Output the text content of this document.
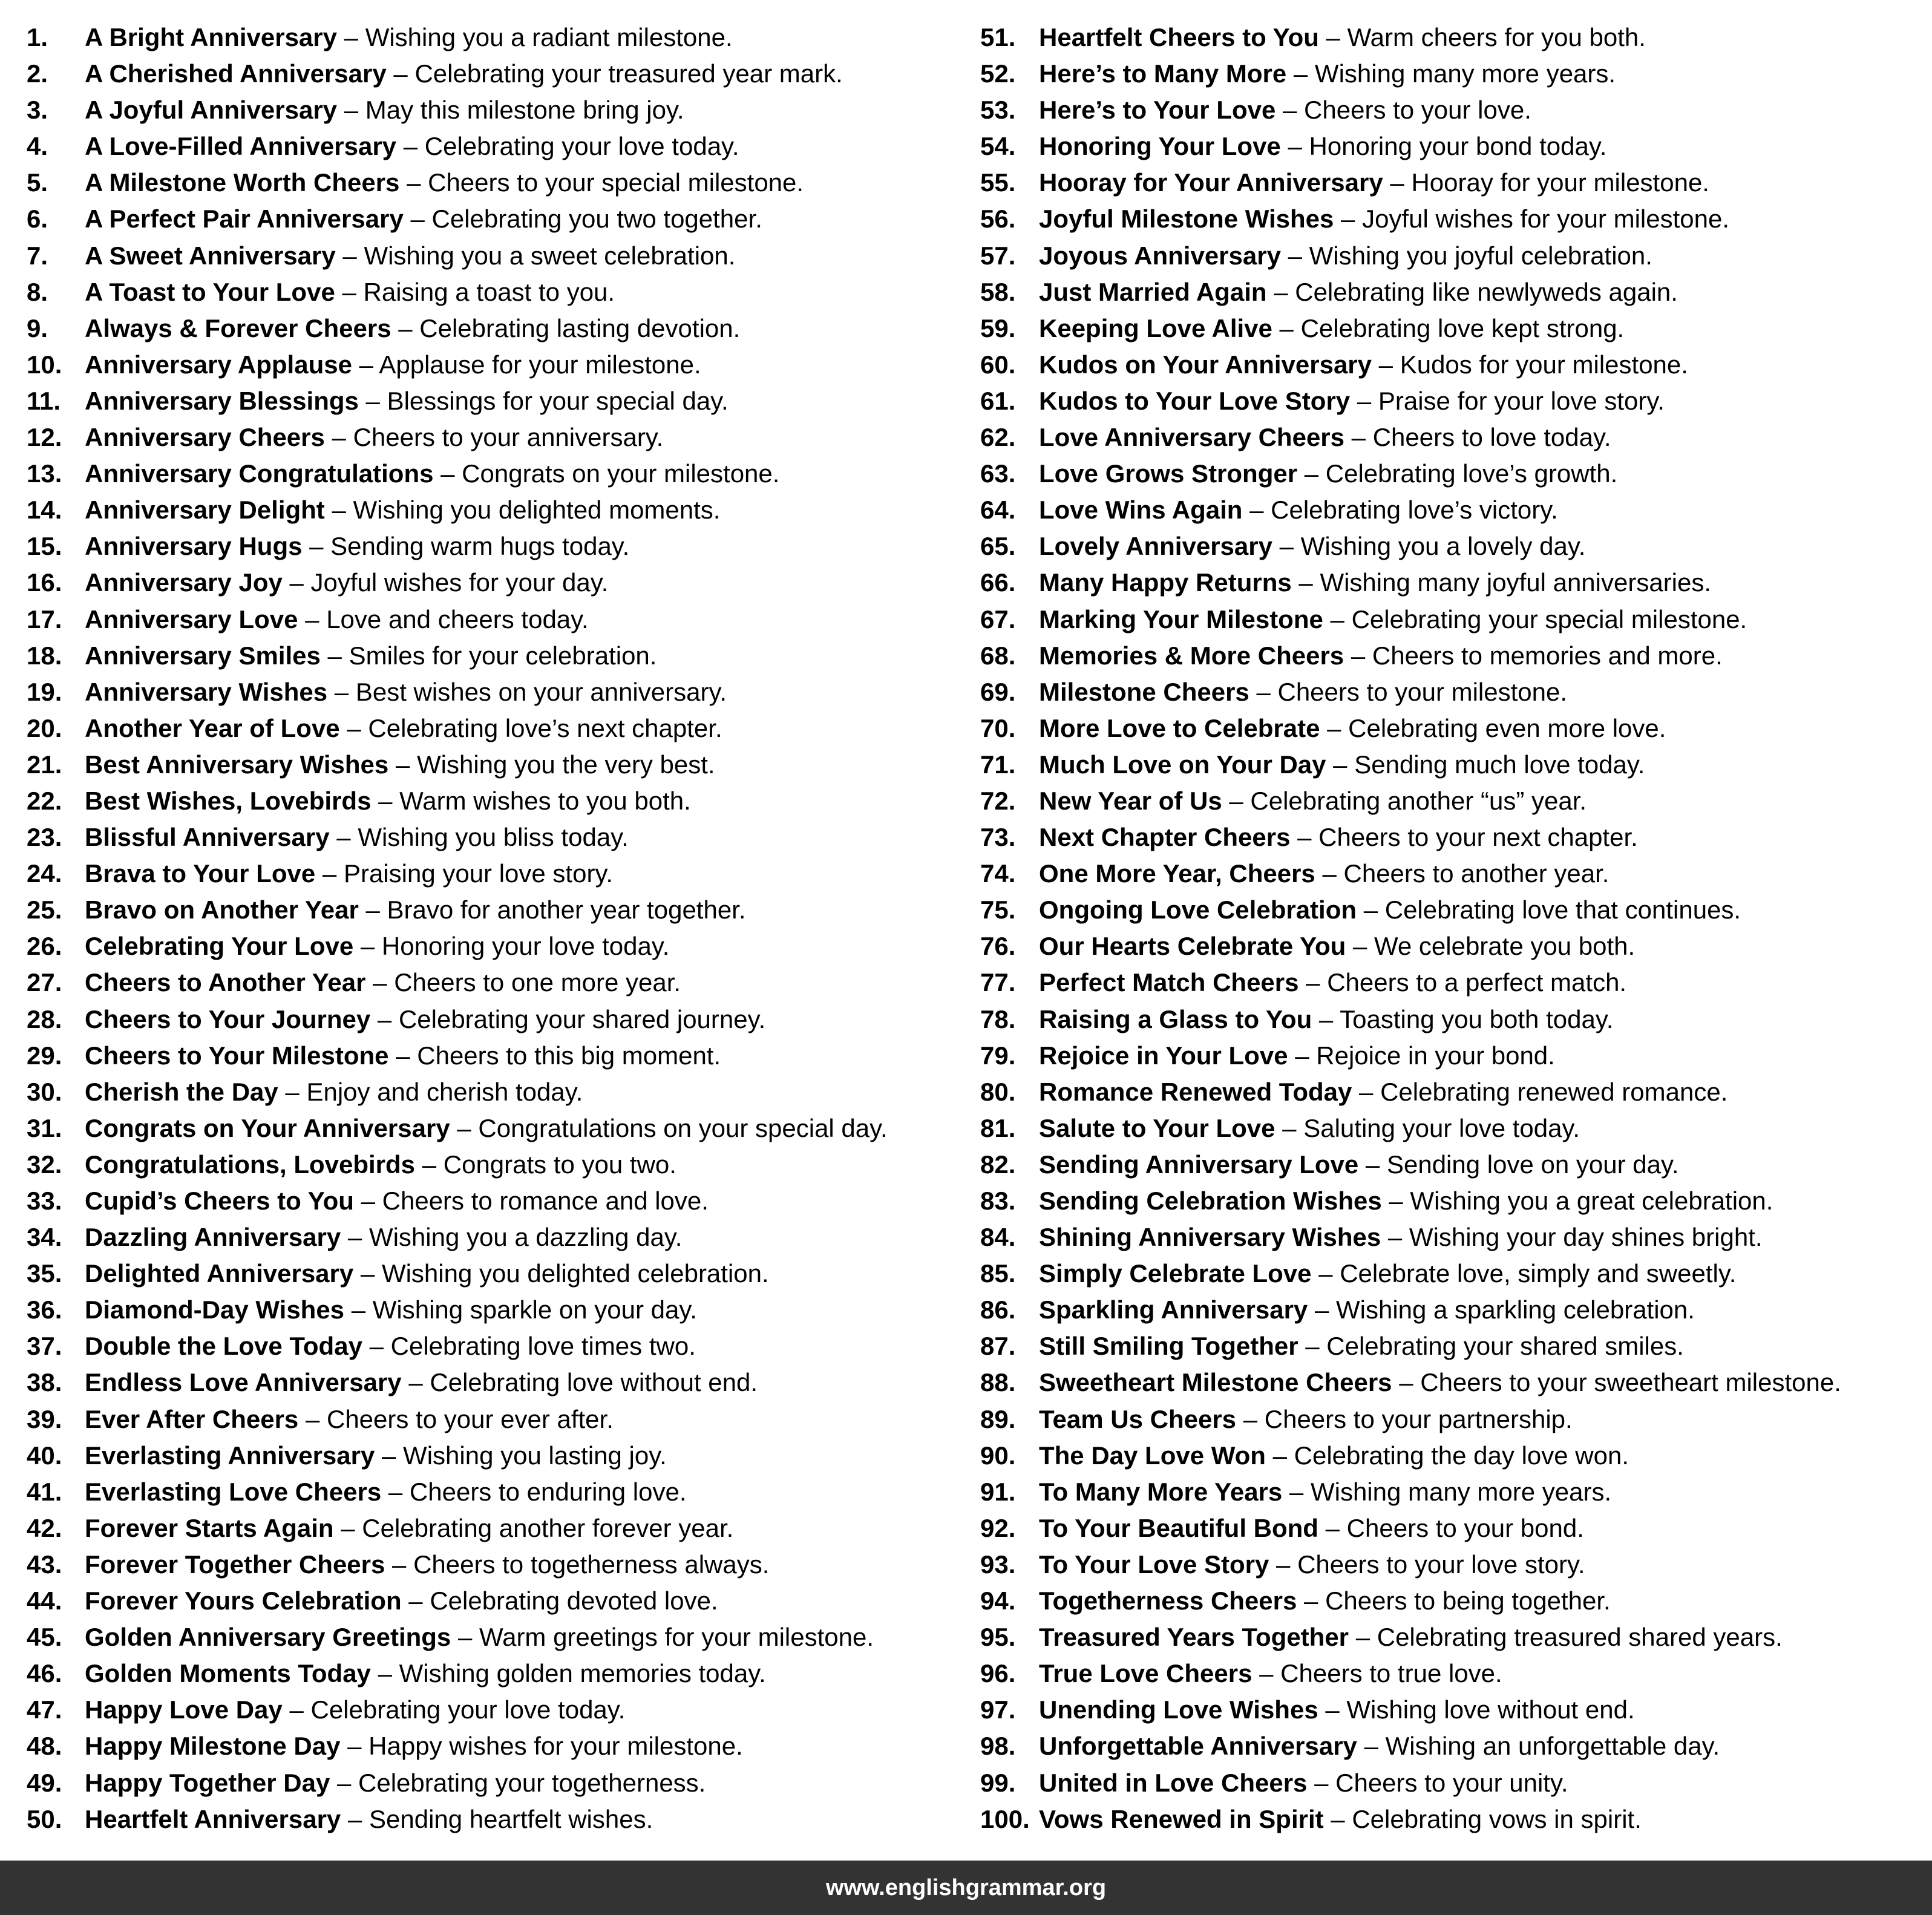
1. A Bright Anniversary – Wishing you a radiant milestone.
2. A Cherished Anniversary – Celebrating your treasured year mark.
3. A Joyful Anniversary – May this milestone bring joy.
4. A Love-Filled Anniversary – Celebrating your love today.
5. A Milestone Worth Cheers – Cheers to your special milestone.
6. A Perfect Pair Anniversary – Celebrating you two together.
7. A Sweet Anniversary – Wishing you a sweet celebration.
8. A Toast to Your Love – Raising a toast to you.
9. Always & Forever Cheers – Celebrating lasting devotion.
10. Anniversary Applause – Applause for your milestone.
11. Anniversary Blessings – Blessings for your special day.
12. Anniversary Cheers – Cheers to your anniversary.
13. Anniversary Congratulations – Congrats on your milestone.
14. Anniversary Delight – Wishing you delighted moments.
15. Anniversary Hugs – Sending warm hugs today.
16. Anniversary Joy – Joyful wishes for your day.
17. Anniversary Love – Love and cheers today.
18. Anniversary Smiles – Smiles for your celebration.
19. Anniversary Wishes – Best wishes on your anniversary.
20. Another Year of Love – Celebrating love’s next chapter.
21. Best Anniversary Wishes – Wishing you the very best.
22. Best Wishes, Lovebirds – Warm wishes to you both.
23. Blissful Anniversary – Wishing you bliss today.
24. Brava to Your Love – Praising your love story.
25. Bravo on Another Year – Bravo for another year together.
26. Celebrating Your Love – Honoring your love today.
27. Cheers to Another Year – Cheers to one more year.
28. Cheers to Your Journey – Celebrating your shared journey.
29. Cheers to Your Milestone – Cheers to this big moment.
30. Cherish the Day – Enjoy and cherish today.
31. Congrats on Your Anniversary – Congratulations on your special day.
32. Congratulations, Lovebirds – Congrats to you two.
33. Cupid’s Cheers to You – Cheers to romance and love.
34. Dazzling Anniversary – Wishing you a dazzling day.
35. Delighted Anniversary – Wishing you delighted celebration.
36. Diamond-Day Wishes – Wishing sparkle on your day.
37. Double the Love Today – Celebrating love times two.
38. Endless Love Anniversary – Celebrating love without end.
39. Ever After Cheers – Cheers to your ever after.
40. Everlasting Anniversary – Wishing you lasting joy.
41. Everlasting Love Cheers – Cheers to enduring love.
42. Forever Starts Again – Celebrating another forever year.
43. Forever Together Cheers – Cheers to togetherness always.
44. Forever Yours Celebration – Celebrating devoted love.
45. Golden Anniversary Greetings – Warm greetings for your milestone.
46. Golden Moments Today – Wishing golden memories today.
47. Happy Love Day – Celebrating your love today.
48. Happy Milestone Day – Happy wishes for your milestone.
49. Happy Together Day – Celebrating your togetherness.
50. Heartfelt Anniversary – Sending heartfelt wishes.
51. Heartfelt Cheers to You – Warm cheers for you both.
52. Here’s to Many More – Wishing many more years.
53. Here’s to Your Love – Cheers to your love.
54. Honoring Your Love – Honoring your bond today.
55. Hooray for Your Anniversary – Hooray for your milestone.
56. Joyful Milestone Wishes – Joyful wishes for your milestone.
57. Joyous Anniversary – Wishing you joyful celebration.
58. Just Married Again – Celebrating like newlyweds again.
59. Keeping Love Alive – Celebrating love kept strong.
60. Kudos on Your Anniversary – Kudos for your milestone.
61. Kudos to Your Love Story – Praise for your love story.
62. Love Anniversary Cheers – Cheers to love today.
63. Love Grows Stronger – Celebrating love’s growth.
64. Love Wins Again – Celebrating love’s victory.
65. Lovely Anniversary – Wishing you a lovely day.
66. Many Happy Returns – Wishing many joyful anniversaries.
67. Marking Your Milestone – Celebrating your special milestone.
68. Memories & More Cheers – Cheers to memories and more.
69. Milestone Cheers – Cheers to your milestone.
70. More Love to Celebrate – Celebrating even more love.
71. Much Love on Your Day – Sending much love today.
72. New Year of Us – Celebrating another “us” year.
73. Next Chapter Cheers – Cheers to your next chapter.
74. One More Year, Cheers – Cheers to another year.
75. Ongoing Love Celebration – Celebrating love that continues.
76. Our Hearts Celebrate You – We celebrate you both.
77. Perfect Match Cheers – Cheers to a perfect match.
78. Raising a Glass to You – Toasting you both today.
79. Rejoice in Your Love – Rejoice in your bond.
80. Romance Renewed Today – Celebrating renewed romance.
81. Salute to Your Love – Saluting your love today.
82. Sending Anniversary Love – Sending love on your day.
83. Sending Celebration Wishes – Wishing you a great celebration.
84. Shining Anniversary Wishes – Wishing your day shines bright.
85. Simply Celebrate Love – Celebrate love, simply and sweetly.
86. Sparkling Anniversary – Wishing a sparkling celebration.
87. Still Smiling Together – Celebrating your shared smiles.
88. Sweetheart Milestone Cheers – Cheers to your sweetheart milestone.
89. Team Us Cheers – Cheers to your partnership.
90. The Day Love Won – Celebrating the day love won.
91. To Many More Years – Wishing many more years.
92. To Your Beautiful Bond – Cheers to your bond.
93. To Your Love Story – Cheers to your love story.
94. Togetherness Cheers – Cheers to being together.
95. Treasured Years Together – Celebrating treasured shared years.
96. True Love Cheers – Cheers to true love.
97. Unending Love Wishes – Wishing love without end.
98. Unforgettable Anniversary – Wishing an unforgettable day.
99. United in Love Cheers – Cheers to your unity.
100. Vows Renewed in Spirit – Celebrating vows in spirit.
www.englishgrammar.org
